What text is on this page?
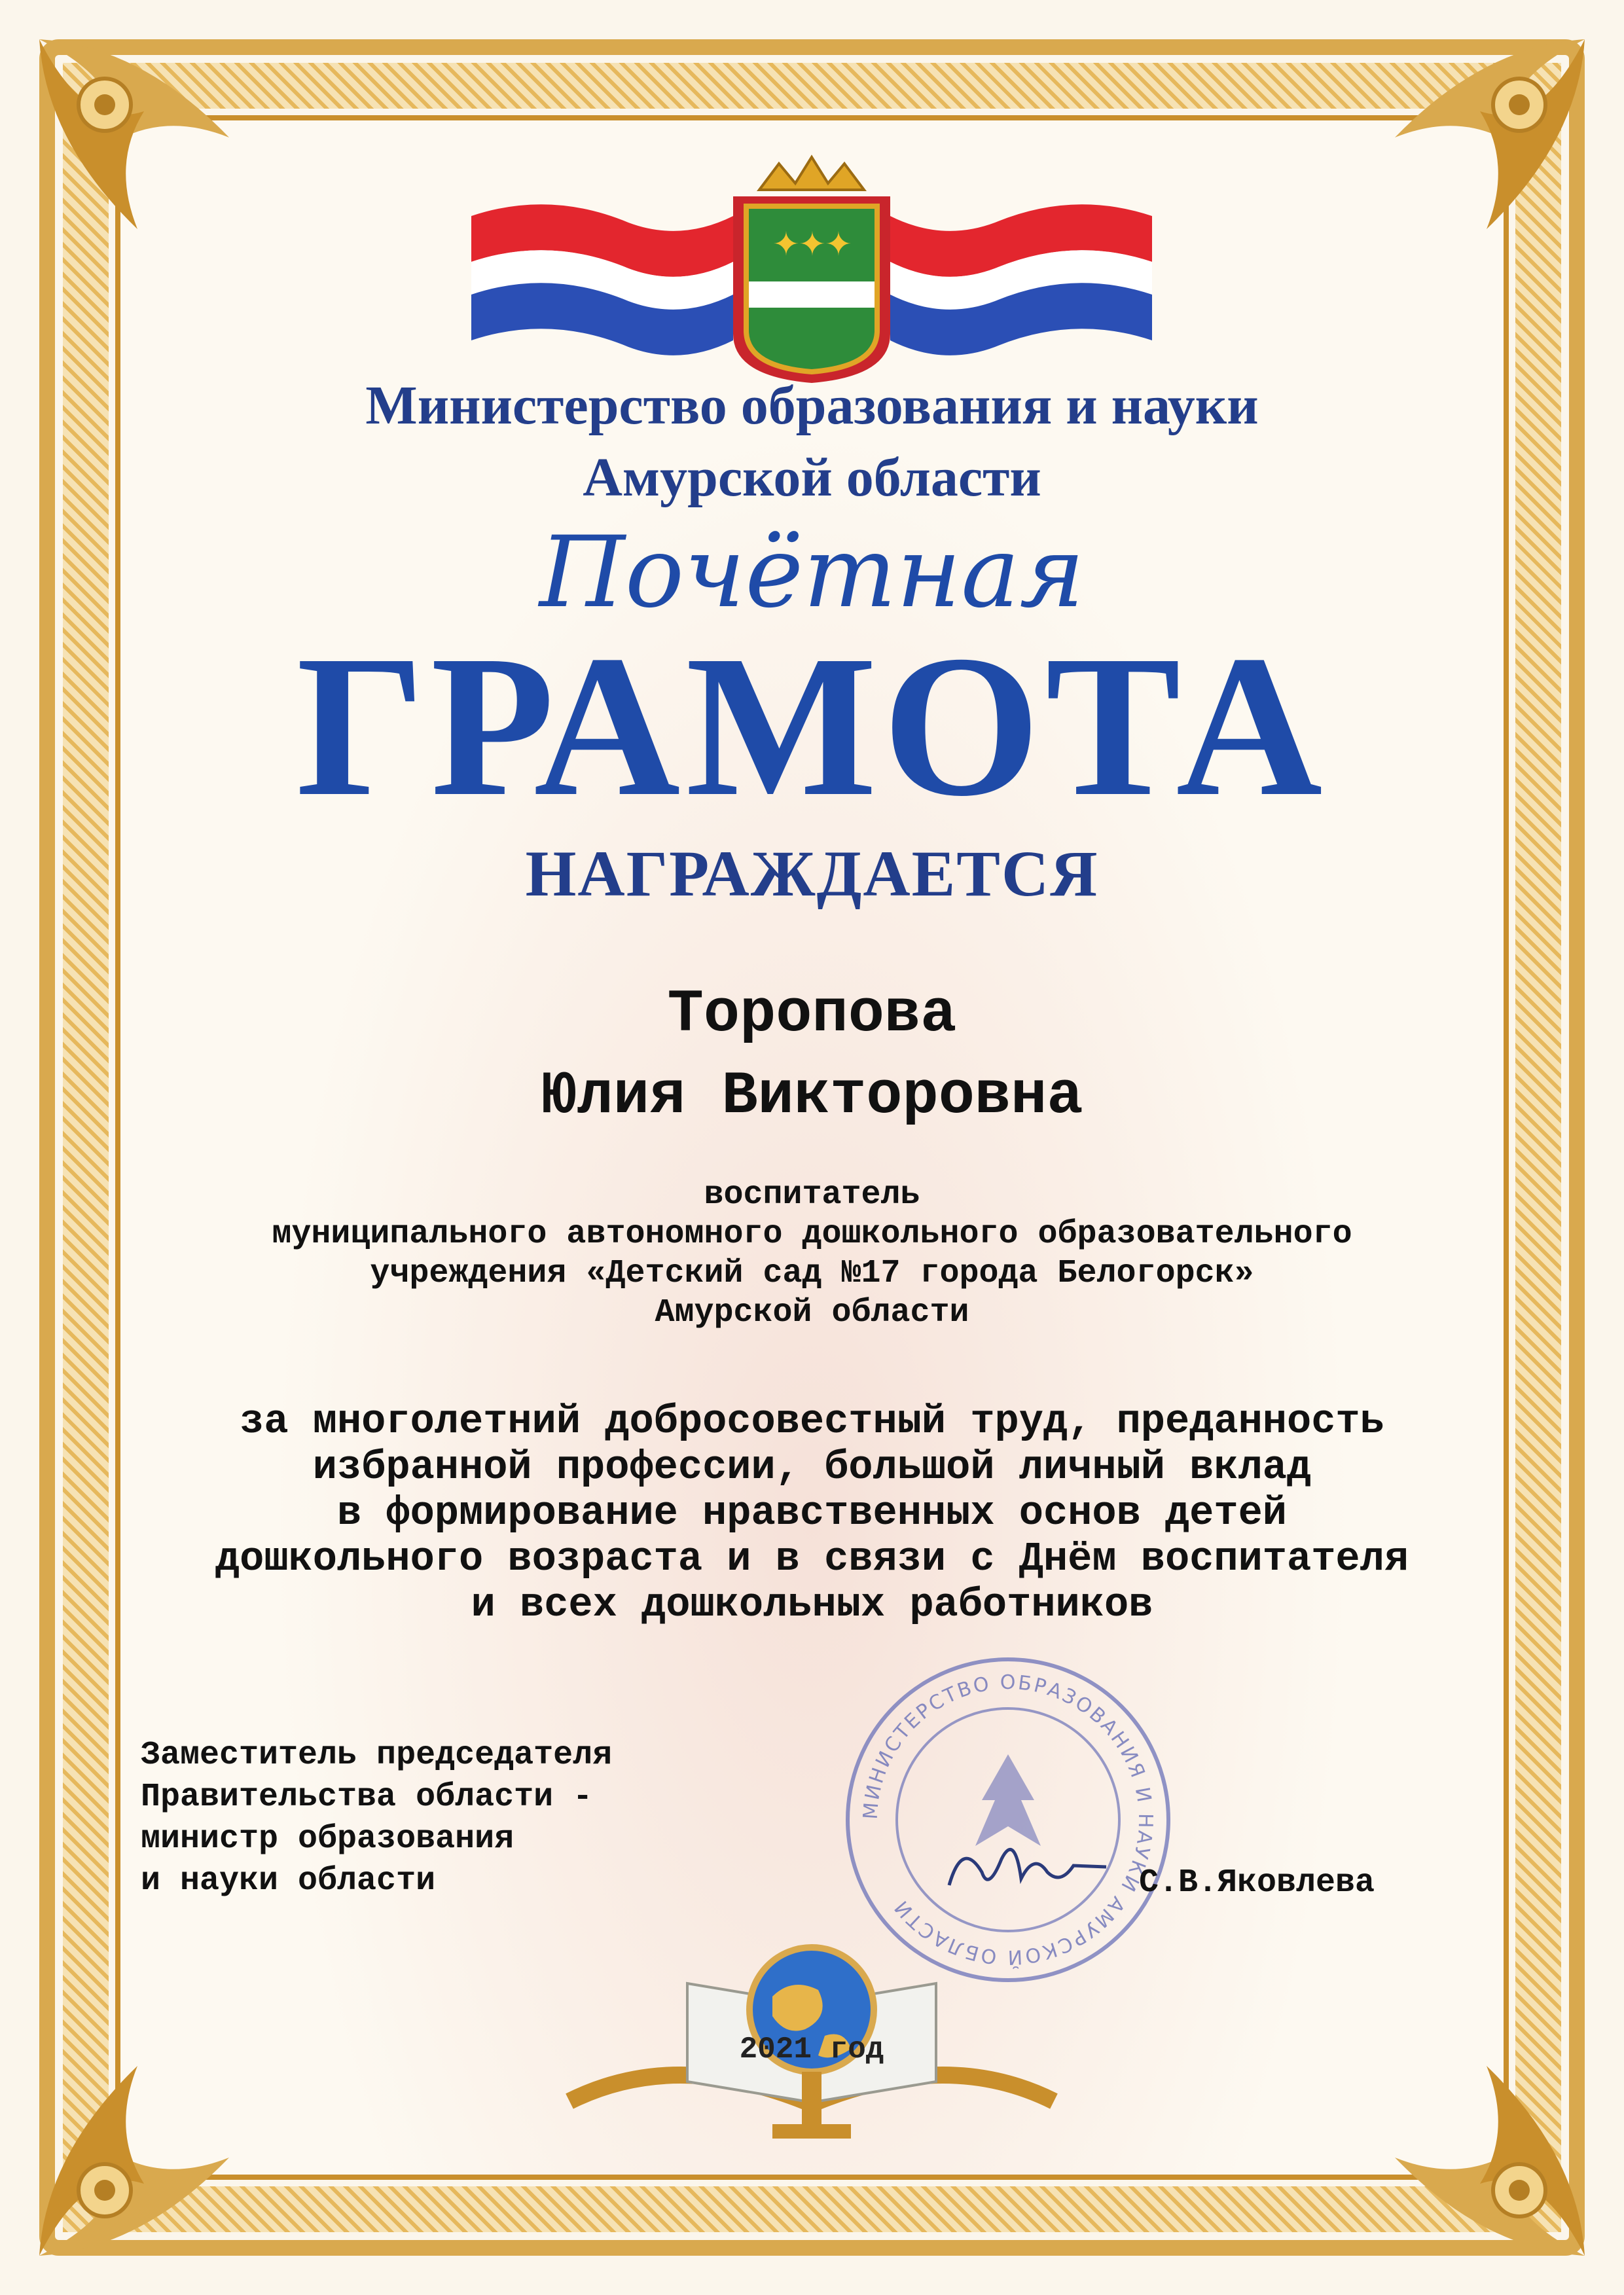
✦
✦
✦
Министерство образования и науки
Амурской области
Почётная
ГРАМОТА
НАГРАЖДАЕТСЯ
Торопова
Юлия Викторовна
воспитатель
муниципального автономного дошкольного образовательного
учреждения «Детский сад №17 города Белогорск»
Амурской области
за многолетний добросовестный труд, преданность
избранной профессии, большой личный вклад
в формирование нравственных основ детей
дошкольного возраста и в связи с Днём воспитателя
и всех дошкольных работников
МИНИСТЕРСТВО ОБРАЗОВАНИЯ И НАУКИ АМУРСКОЙ ОБЛАСТИ
Заместитель председателя
Правительства области -
министр образования
и науки области	С.В.Яковлева
2021 год
